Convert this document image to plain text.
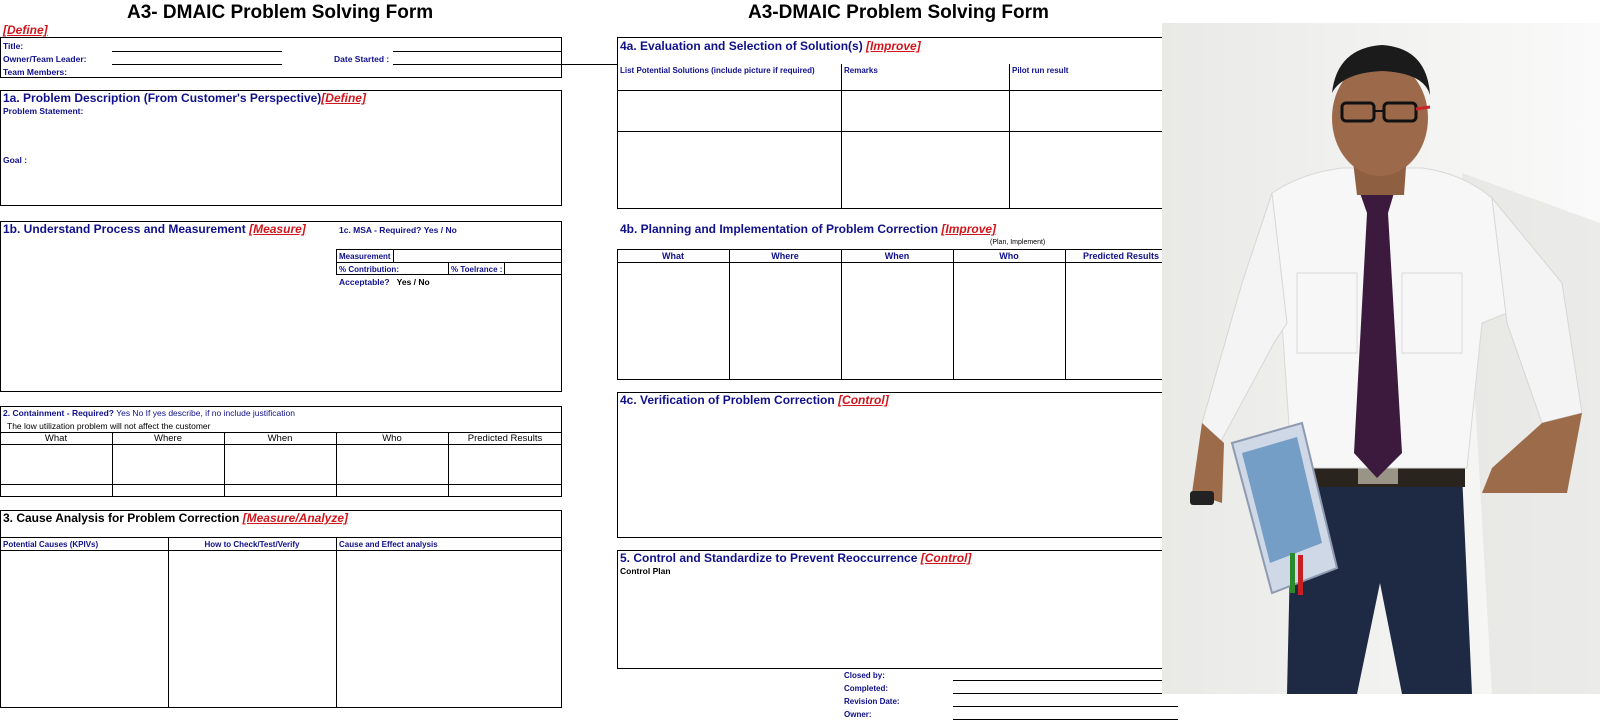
A3- DMAIC Problem Solving Form
[Define]
Title:
Owner/Team Leader:
Team Members:
Date Started :
1a. Problem Description (From Customer's Perspective)[Define]
Problem Statement:
Goal :
1b. Understand Process and Measurement [Measure]	1c. MSA - Required? Yes / No
Measurement
% Contribution:	% Toelrance :
Acceptable? Yes / No
2. Containment - Required? Yes No If yes describe, if no include justification
The low utilization problem will not affect the customer
What	Where	When	Who	Predicted Results
3. Cause Analysis for Problem Correction [Measure/Analyze]
Potential Causes (KPIVs)	How to Check/Test/Verify	Cause and Effect analysis
A3-DMAIC Problem Solving Form
4a. Evaluation and Selection of Solution(s) [Improve]
List Potential Solutions (include picture if required)	Remarks	Pilot run result
4b. Planning and Implementation of Problem Correction [Improve]
(Plan, Implement)
What	Where	When	Who	Predicted Results
4c. Verification of Problem Correction [Control]
5. Control and Standardize to Prevent Reoccurrence [Control]
Control Plan
Closed by:
Completed:
Revision Date:
Owner:
